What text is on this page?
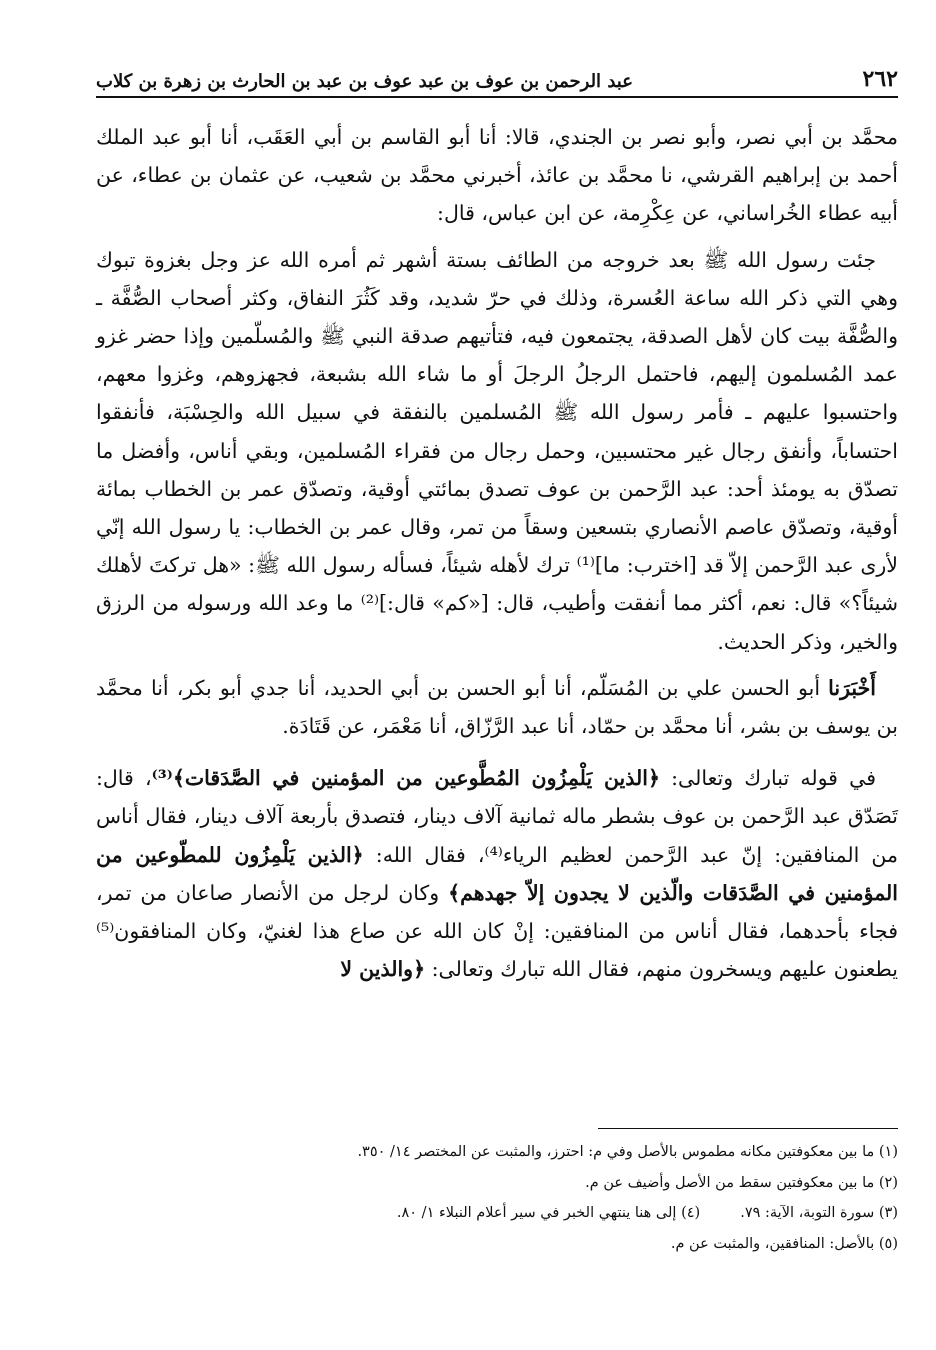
٢٦٢
عبد الرحمن بن عوف بن عبد عوف بن عبد بن الحارث بن زهرة بن كلاب

محمَّد بن أبي نصر، وأبو نصر بن الجندي، قالا: أنا أبو القاسم بن أبي العَقَب، أنا أبو عبد الملك أحمد بن إبراهيم القرشي، نا محمَّد بن عائذ، أخبرني محمَّد بن شعيب، عن عثمان بن عطاء، عن أبيه عطاء الخُراساني، عن عِكْرِمة، عن ابن عباس، قال:

جئت رسول الله ﷺ بعد خروجه من الطائف بستة أشهر ثم أمره الله عز وجل بغزوة تبوك وهي التي ذكر الله ساعة العُسرة، وذلك في حرّ شديد، وقد كَثُرَ النفاق، وكثر أصحاب الصُّفَّة ـ والصُّفَّة بيت كان لأهل الصدقة، يجتمعون فيه، فتأتيهم صدقة النبي ﷺ والمُسلّمين وإذا حضر غزو عمد المُسلمون إليهم، فاحتمل الرجلُ الرجلَ أو ما شاء الله بشبعة، فجهزوهم، وغزوا معهم، واحتسبوا عليهم ـ فأمر رسول الله ﷺ المُسلمين بالنفقة في سبيل الله والحِسْبَة، فأنفقوا احتساباً، وأنفق رجال غير محتسبين، وحمل رجال من فقراء المُسلمين، وبقي أناس، وأفضل ما تصدّق به يومئذ أحد: عبد الرَّحمن بن عوف تصدق بمائتي أوقية، وتصدّق عمر بن الخطاب بمائة أوقية، وتصدّق عاصم الأنصاري بتسعين وسقاً من تمر، وقال عمر بن الخطاب: يا رسول الله إنّي لأرى عبد الرَّحمن إلاّ قد [اخترب: ما]⁽¹⁾ ترك لأهله شيئاً، فسأله رسول الله ﷺ: «هل تركتَ لأهلك شيئاً؟» قال: نعم، أكثر مما أنفقت وأطيب، قال: [«كم» قال:]⁽²⁾ ما وعد الله ورسوله من الرزق والخير، وذكر الحديث.

أَخْبَرَنا أبو الحسن علي بن المُسَلّم، أنا أبو الحسن بن أبي الحديد، أنا جدي أبو بكر، أنا محمَّد بن يوسف بن بشر، أنا محمَّد بن حمّاد، أنا عبد الرَّزّاق، أنا مَعْمَر، عن قَتَادَة.

في قوله تبارك وتعالى: ﴿الذين يَلْمِزُون المُطَّوعين من المؤمنين في الصَّدَقات﴾⁽³⁾، قال: تَصَدّق عبد الرَّحمن بن عوف بشطر ماله ثمانية آلاف دينار، فتصدق بأربعة آلاف دينار، فقال أناس من المنافقين: إنّ عبد الرَّحمن لعظيم الرياء⁽⁴⁾، فقال الله: ﴿الذين يَلْمِزُون للمطّوعين من المؤمنين في الصَّدَقات والّذين لا يجدون إلاّ جهدهم﴾ وكان لرجل من الأنصار صاعان من تمر، فجاء بأحدهما، فقال أناس من المنافقين: إنْ كان الله عن صاع هذا لغنيّ، وكان المنافقون⁽⁵⁾ يطعنون عليهم ويسخرون منهم، فقال الله تبارك وتعالى: ﴿والذين لا

(١) ما بين معكوفتين مكانه مطموس بالأصل وفي م: احترز، والمثبت عن المختصر ١٤/ ٣٥٠.
(٢) ما بين معكوفتين سقط من الأصل وأضيف عن م.
(٣) سورة التوبة، الآية: ٧٩.
(٤) إلى هنا ينتهي الخبر في سير أعلام النبلاء ١/ ٨٠.
(٥) بالأصل: المنافقين، والمثبت عن م.
